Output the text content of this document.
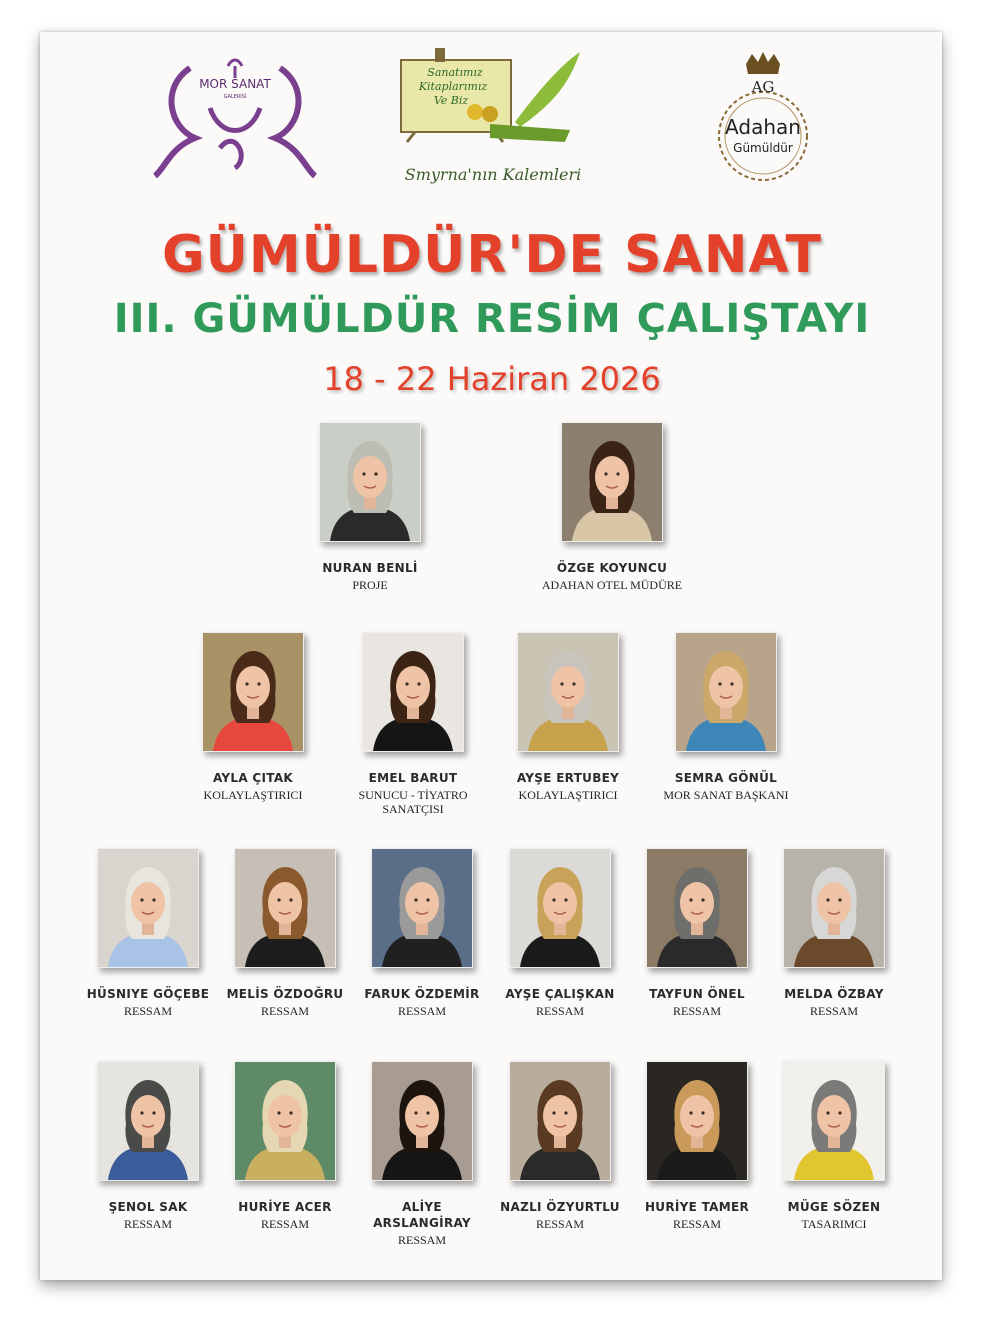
MOR SANAT
GALERİSİ
Sanatımız
Kitaplarımız
Ve Biz
Smyrna'nın Kalemleri
AG
Adahan
Gümüldür
GÜMÜLDÜR'DE SANAT
III. GÜMÜLDÜR RESİM ÇALIŞTAYI
18 - 22 Haziran 2026
NURAN BENLİ
PROJE
ÖZGE KOYUNCU
ADAHAN OTEL MÜDÜRE
AYLA ÇITAK
KOLAYLAŞTIRICI
EMEL BARUT
SUNUCU - TİYATRO SANATÇISI
AYŞE ERTUBEY
KOLAYLAŞTIRICI
SEMRA GÖNÜL
MOR SANAT BAŞKANI
HÜSNIYE GÖÇEBE
RESSAM
MELİS ÖZDOĞRU
RESSAM
FARUK ÖZDEMİR
RESSAM
AYŞE ÇALIŞKAN
RESSAM
TAYFUN ÖNEL
RESSAM
MELDA ÖZBAY
RESSAM
ŞENOL SAK
RESSAM
HURİYE ACER
RESSAM
ALİYE ARSLANGİRAY
RESSAM
NAZLI ÖZYURTLU
RESSAM
HURİYE TAMER
RESSAM
MÜGE SÖZEN
TASARIMCI
